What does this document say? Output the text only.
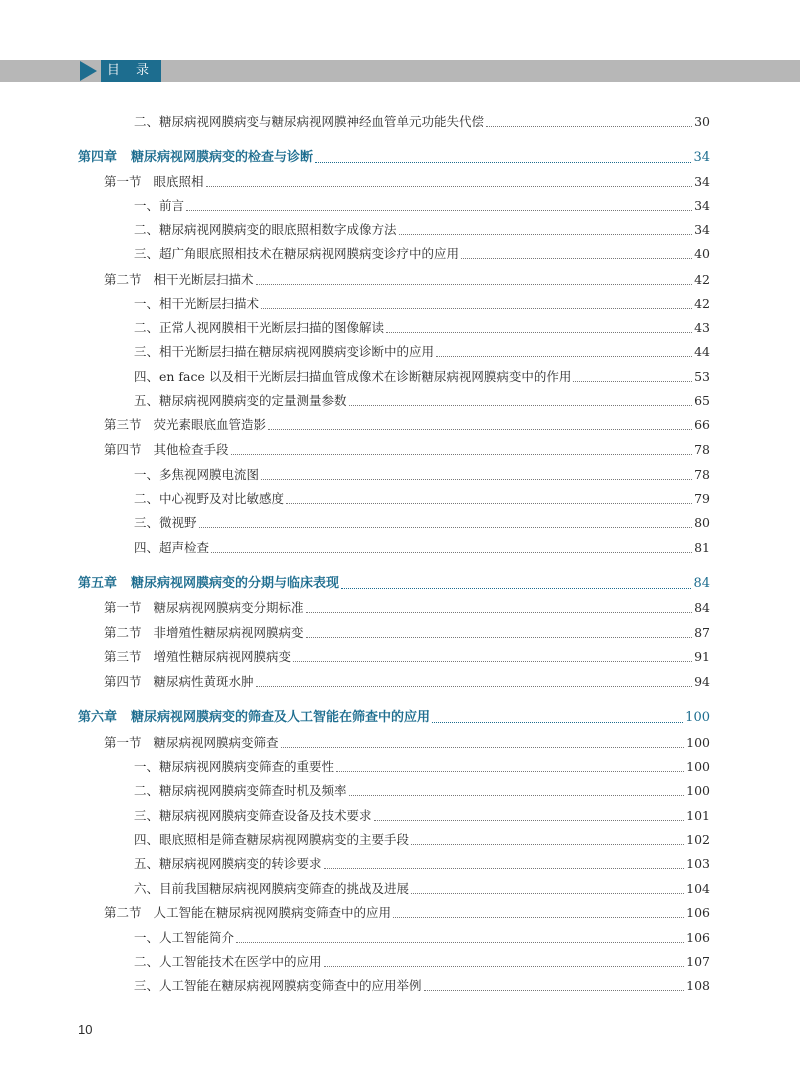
目 录
二、糖尿病视网膜病变与糖尿病视网膜神经血管单元功能失代偿	30
第四章 糖尿病视网膜病变的检查与诊断	34
第一节 眼底照相	34
一、前言	34
二、糖尿病视网膜病变的眼底照相数字成像方法	34
三、超广角眼底照相技术在糖尿病视网膜病变诊疗中的应用	40
第二节 相干光断层扫描术	42
一、相干光断层扫描术	42
二、正常人视网膜相干光断层扫描的图像解读	43
三、相干光断层扫描在糖尿病视网膜病变诊断中的应用	44
四、en face 以及相干光断层扫描血管成像术在诊断糖尿病视网膜病变中的作用	53
五、糖尿病视网膜病变的定量测量参数	65
第三节 荧光素眼底血管造影	66
第四节 其他检查手段	78
一、多焦视网膜电流图	78
二、中心视野及对比敏感度	79
三、微视野	80
四、超声检查	81
第五章 糖尿病视网膜病变的分期与临床表现	84
第一节 糖尿病视网膜病变分期标准	84
第二节 非增殖性糖尿病视网膜病变	87
第三节 增殖性糖尿病视网膜病变	91
第四节 糖尿病性黄斑水肿	94
第六章 糖尿病视网膜病变的筛查及人工智能在筛查中的应用	100
第一节 糖尿病视网膜病变筛查	100
一、糖尿病视网膜病变筛查的重要性	100
二、糖尿病视网膜病变筛查时机及频率	100
三、糖尿病视网膜病变筛查设备及技术要求	101
四、眼底照相是筛查糖尿病视网膜病变的主要手段	102
五、糖尿病视网膜病变的转诊要求	103
六、目前我国糖尿病视网膜病变筛查的挑战及进展	104
第二节 人工智能在糖尿病视网膜病变筛查中的应用	106
一、人工智能简介	106
二、人工智能技术在医学中的应用	107
三、人工智能在糖尿病视网膜病变筛查中的应用举例	108
10
